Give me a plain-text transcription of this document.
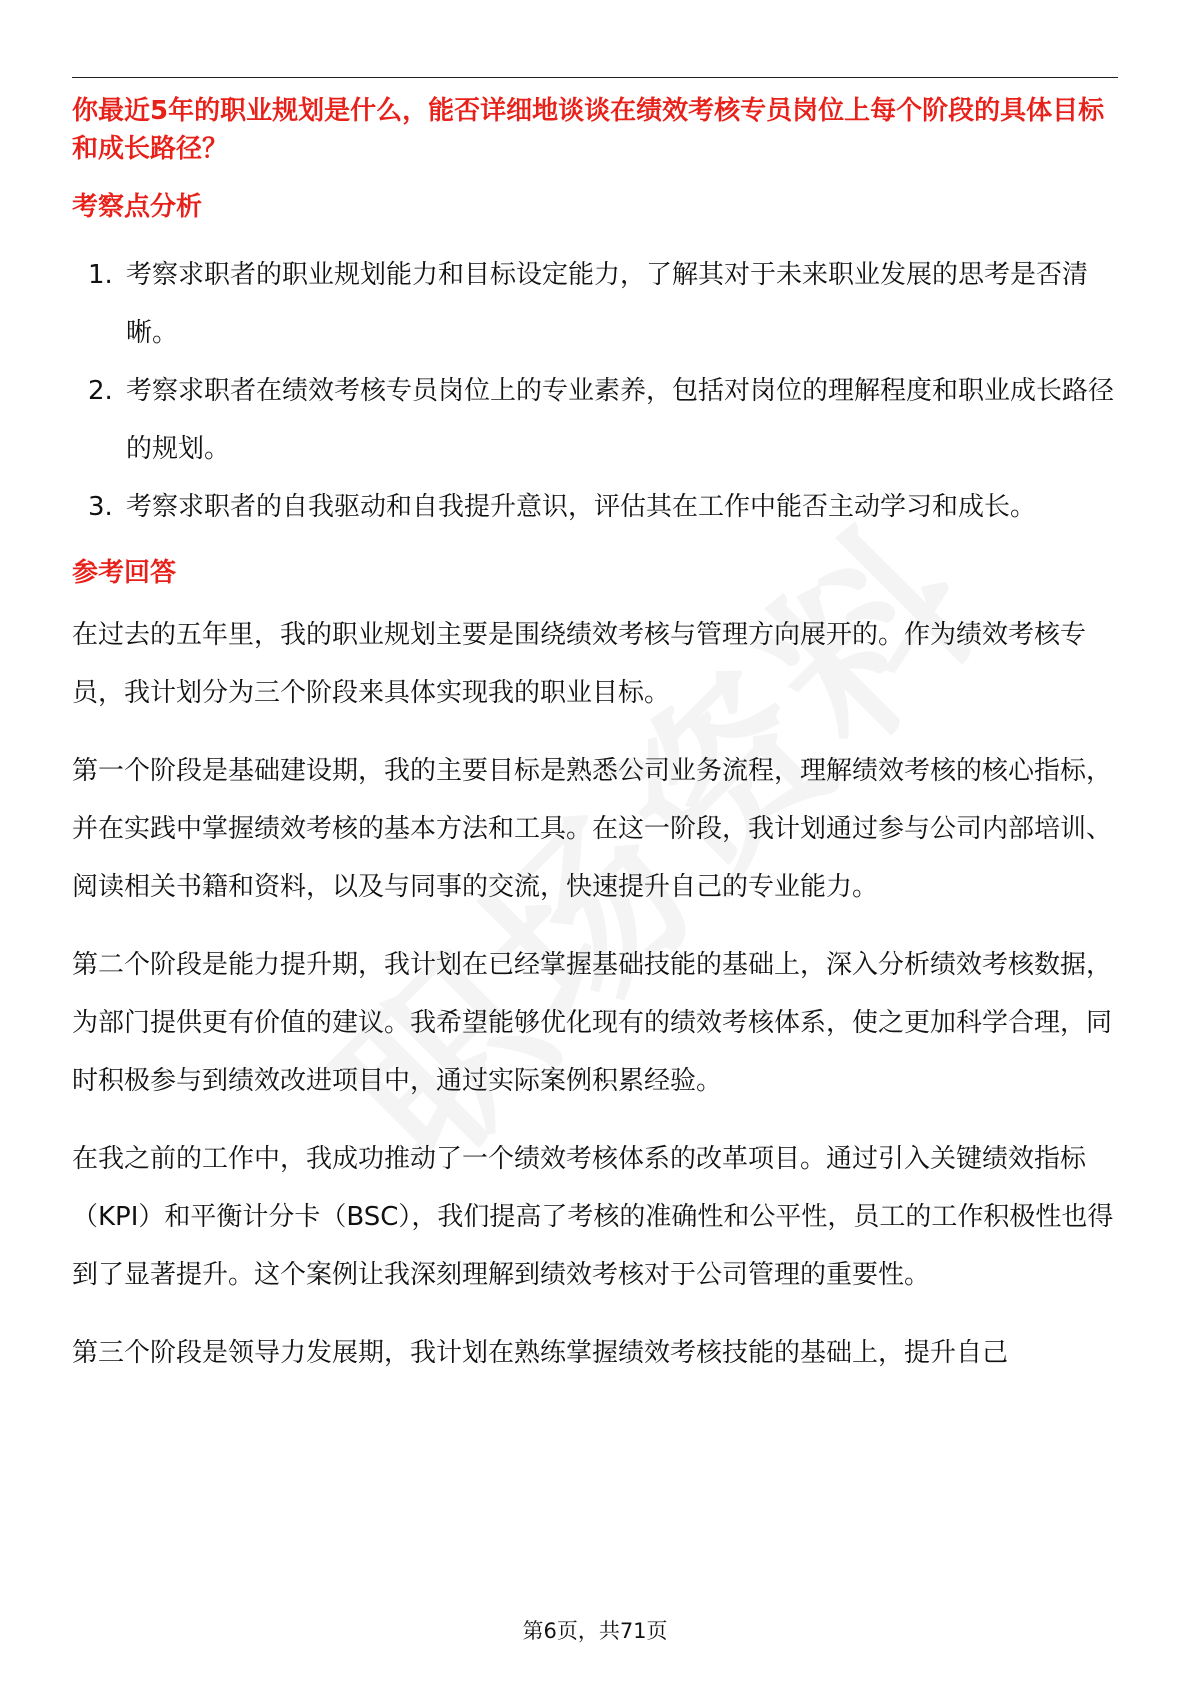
你最近5年的职业规划是什么，能否详细地谈谈在绩效考核专员岗位上每个阶段的具体目标和成长路径？

考察点分析
1. 考察求职者的职业规划能力和目标设定能力，了解其对于未来职业发展的思考是否清晰。
2. 考察求职者在绩效考核专员岗位上的专业素养，包括对岗位的理解程度和职业成长路径的规划。
3. 考察求职者的自我驱动和自我提升意识，评估其在工作中能否主动学习和成长。
参考回答

在过去的五年里，我的职业规划主要是围绕绩效考核与管理方向展开的。作为绩效考核专员，我计划分为三个阶段来具体实现我的职业目标。

第一个阶段是基础建设期，我的主要目标是熟悉公司业务流程，理解绩效考核的核心指标，并在实践中掌握绩效考核的基本方法和工具。在这一阶段，我计划通过参与公司内部培训、阅读相关书籍和资料，以及与同事的交流，快速提升自己的专业能力。

第二个阶段是能力提升期，我计划在已经掌握基础技能的基础上，深入分析绩效考核数据，为部门提供更有价值的建议。我希望能够优化现有的绩效考核体系，使之更加科学合理，同时积极参与到绩效改进项目中，通过实际案例积累经验。

在我之前的工作中，我成功推动了一个绩效考核体系的改革项目。通过引入关键绩效指标（KPI）和平衡计分卡（BSC），我们提高了考核的准确性和公平性，员工的工作积极性也得到了显著提升。这个案例让我深刻理解到绩效考核对于公司管理的重要性。

第三个阶段是领导力发展期，我计划在熟练掌握绩效考核技能的基础上，提升自己

第6页，共71页
